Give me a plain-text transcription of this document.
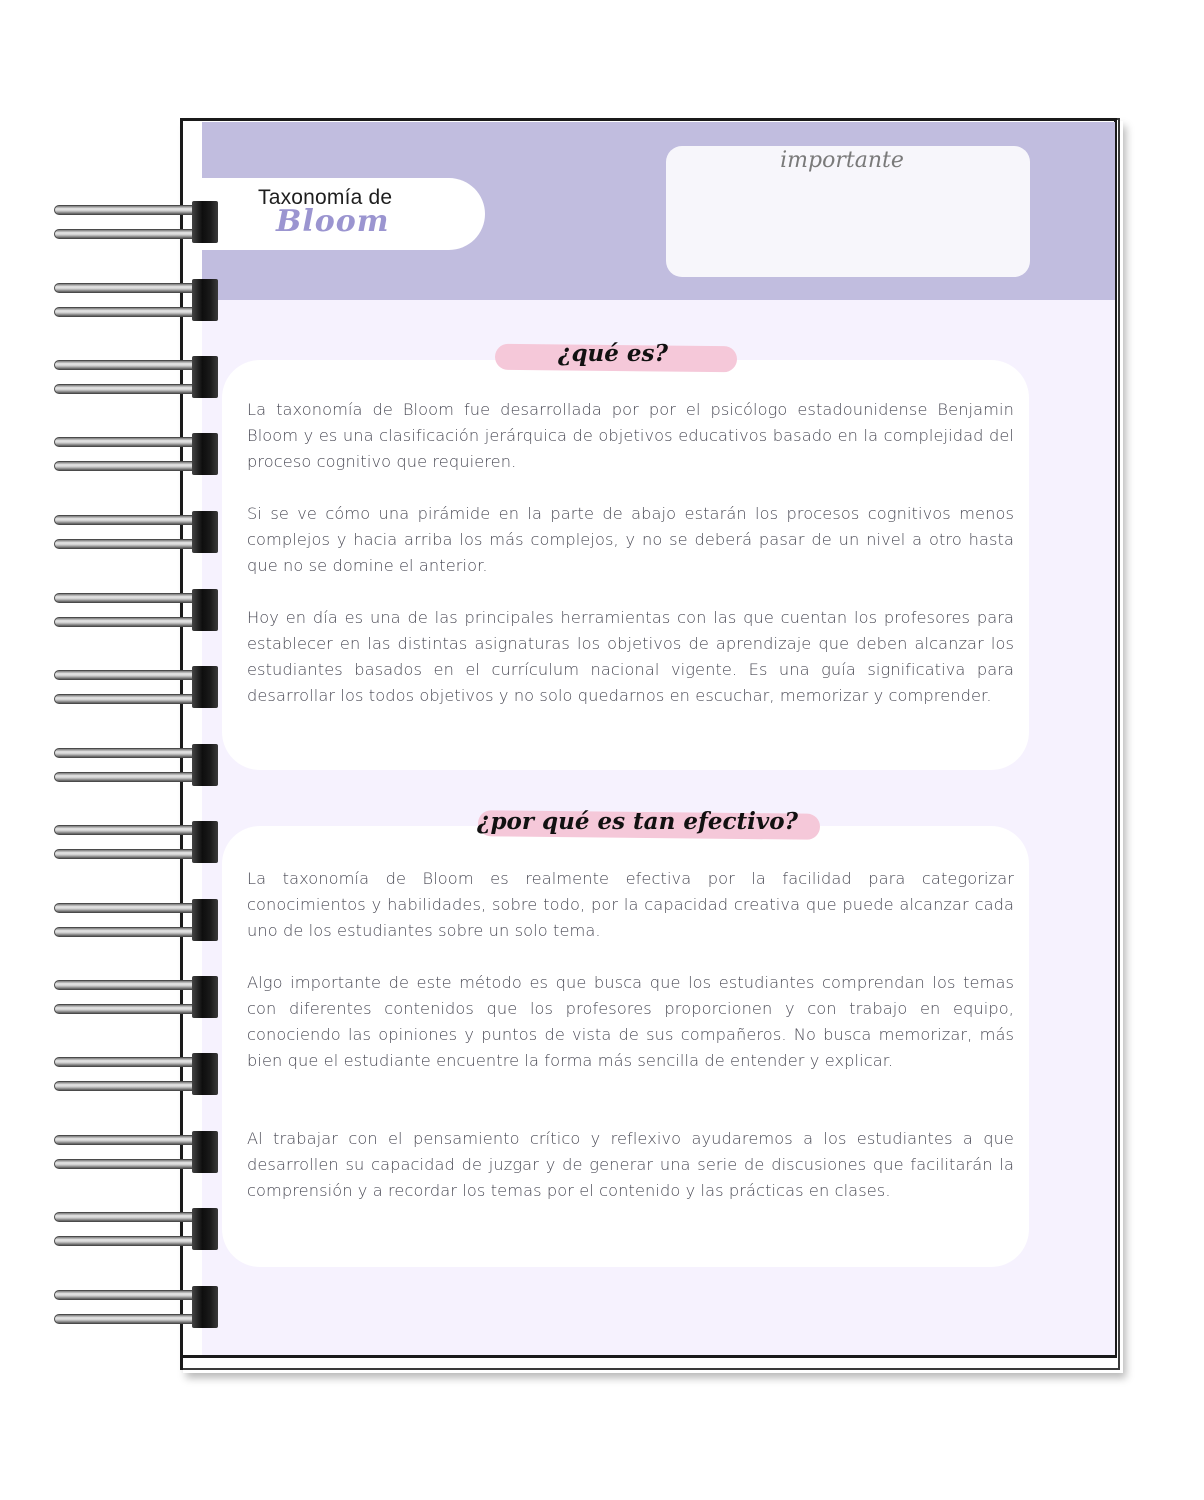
Taxonomía de
Bloom
importante
¿qué es?

La taxonomía de Bloom fue desarrollada por por el psicólogo estadounidense Benjamin Bloom y es una clasificación jerárquica de objetivos educativos basado en la complejidad del proceso cognitivo que requieren.

Si se ve cómo una pirámide en la parte de abajo estarán los procesos cognitivos menos complejos y hacia arriba los más complejos, y no se deberá pasar de un nivel a otro hasta que no se domine el anterior.

Hoy en día es una de las principales herramientas con las que cuentan los profesores para establecer en las distintas asignaturas los objetivos de aprendizaje que deben alcanzar los estudiantes basados en el currículum nacional vigente. Es una guía significativa para desarrollar los todos objetivos y no solo quedarnos en escuchar, memorizar y comprender.

¿por qué es tan efectivo?

La taxonomía de Bloom es realmente efectiva por la facilidad para categorizar conocimientos y habilidades, sobre todo, por la capacidad creativa que puede alcanzar cada uno de los estudiantes sobre un solo tema.

Algo importante de este método es que busca que los estudiantes comprendan los temas con diferentes contenidos que los profesores proporcionen y con trabajo en equipo, conociendo las opiniones y puntos de vista de sus compañeros. No busca memorizar, más bien que el estudiante encuentre la forma más sencilla de entender y explicar.

Al trabajar con el pensamiento crítico y reflexivo ayudaremos a los estudiantes a que desarrollen su capacidad de juzgar y de generar una serie de discusiones que facilitarán la comprensión y a recordar los temas por el contenido y las prácticas en clases.
